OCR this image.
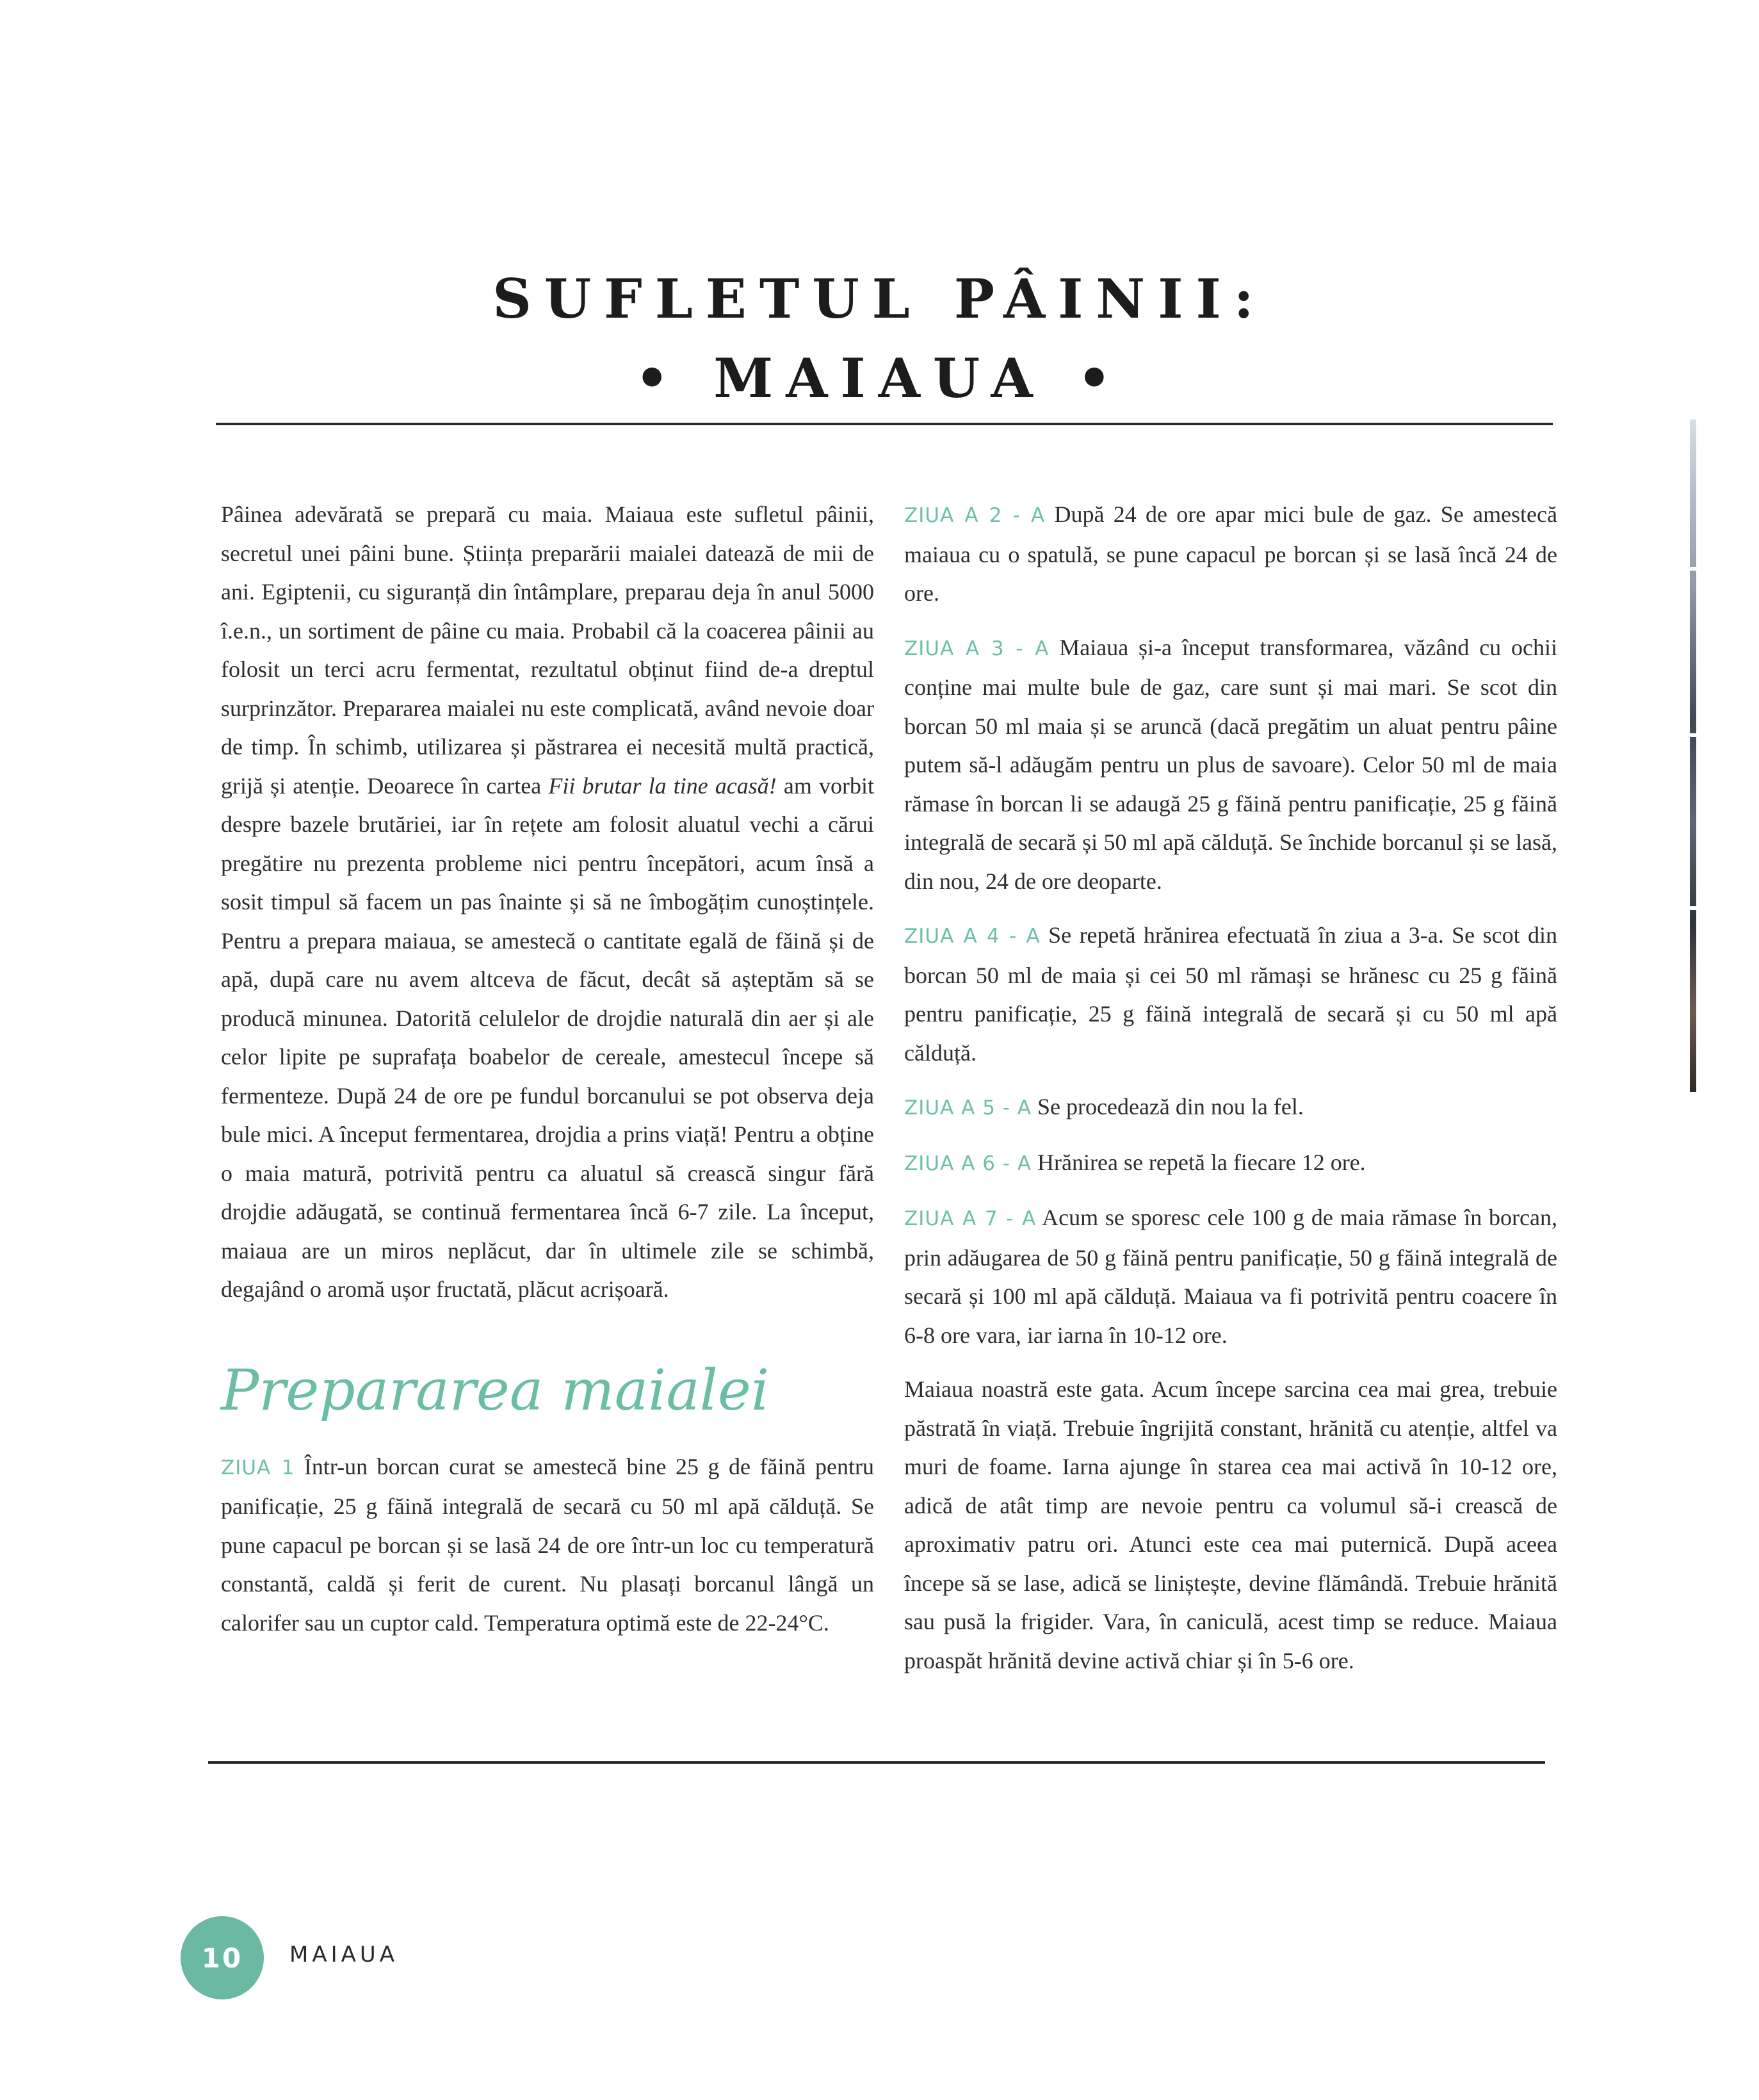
SUFLETUL PÂINII:
• MAIAUA •

Pâinea adevărată se prepară cu maia. Maiaua este sufletul pâinii, secretul unei pâini bune. Știința preparării maialei datează de mii de ani. Egiptenii, cu siguranță din întâmplare, preparau deja în anul 5000 î.e.n., un sortiment de pâine cu maia. Probabil că la coacerea pâinii au folosit un terci acru fermentat, rezultatul obținut fiind de-a dreptul surprinzător. Prepararea maialei nu este complicată, având nevoie doar de timp. În schimb, utilizarea și păstrarea ei necesită multă practică, grijă și atenție. Deoarece în cartea Fii brutar la tine acasă! am vorbit despre bazele brutăriei, iar în rețete am folosit aluatul vechi a cărui pregătire nu prezenta probleme nici pentru începători, acum însă a sosit timpul să facem un pas înainte și să ne îmbogățim cunoștințele. Pentru a prepara maiaua, se amestecă o cantitate egală de făină și de apă, după care nu avem altceva de făcut, decât să așteptăm să se producă minunea. Datorită celulelor de drojdie naturală din aer și ale celor lipite pe suprafața boabelor de cereale, amestecul începe să fermenteze. După 24 de ore pe fundul borcanului se pot observa deja bule mici. A început fermentarea, drojdia a prins viață! Pentru a obține o maia matură, potrivită pentru ca aluatul să crească singur fără drojdie adăugată, se continuă fermentarea încă 6-7 zile. La început, maiaua are un miros neplăcut, dar în ultimele zile se schimbă, degajând o aromă ușor fructată, plăcut acrișoară.

Prepararea maialei

ZIUA 1 Într-un borcan curat se amestecă bine 25 g de făină pentru panificație, 25 g făină integrală de secară cu 50 ml apă călduță. Se pune capacul pe borcan și se lasă 24 de ore într-un loc cu temperatură constantă, caldă și ferit de curent. Nu plasați borcanul lângă un calorifer sau un cuptor cald. Temperatura optimă este de 22-24°C.

ZIUA A 2 - A După 24 de ore apar mici bule de gaz. Se amestecă maiaua cu o spatulă, se pune capacul pe borcan și se lasă încă 24 de ore.

ZIUA A 3 - A Maiaua și-a început transformarea, văzând cu ochii conține mai multe bule de gaz, care sunt și mai mari. Se scot din borcan 50 ml maia și se aruncă (dacă pregătim un aluat pentru pâine putem să-l adăugăm pentru un plus de savoare). Celor 50 ml de maia rămase în borcan li se adaugă 25 g făină pentru panificație, 25 g făină integrală de secară și 50 ml apă călduță. Se închide borcanul și se lasă, din nou, 24 de ore deoparte.

ZIUA A 4 - A Se repetă hrănirea efectuată în ziua a 3-a. Se scot din borcan 50 ml de maia și cei 50 ml rămași se hrănesc cu 25 g făină pentru panificație, 25 g făină integrală de secară și cu 50 ml apă călduță.

ZIUA A 5 - A Se procedează din nou la fel.

ZIUA A 6 - A Hrănirea se repetă la fiecare 12 ore.

ZIUA A 7 - A Acum se sporesc cele 100 g de maia rămase în borcan, prin adăugarea de 50 g făină pentru panificație, 50 g făină integrală de secară și 100 ml apă călduță. Maiaua va fi potrivită pentru coacere în 6-8 ore vara, iar iarna în 10-12 ore.

Maiaua noastră este gata. Acum începe sarcina cea mai grea, trebuie păstrată în viață. Trebuie îngrijită constant, hrănită cu atenție, altfel va muri de foame. Iarna ajunge în starea cea mai activă în 10-12 ore, adică de atât timp are nevoie pentru ca volumul să-i crească de aproximativ patru ori. Atunci este cea mai puternică. După aceea începe să se lase, adică se liniștește, devine flămândă. Trebuie hrănită sau pusă la frigider. Vara, în caniculă, acest timp se reduce. Maiaua proaspăt hrănită devine activă chiar și în 5-6 ore.

10	MAIAUA
